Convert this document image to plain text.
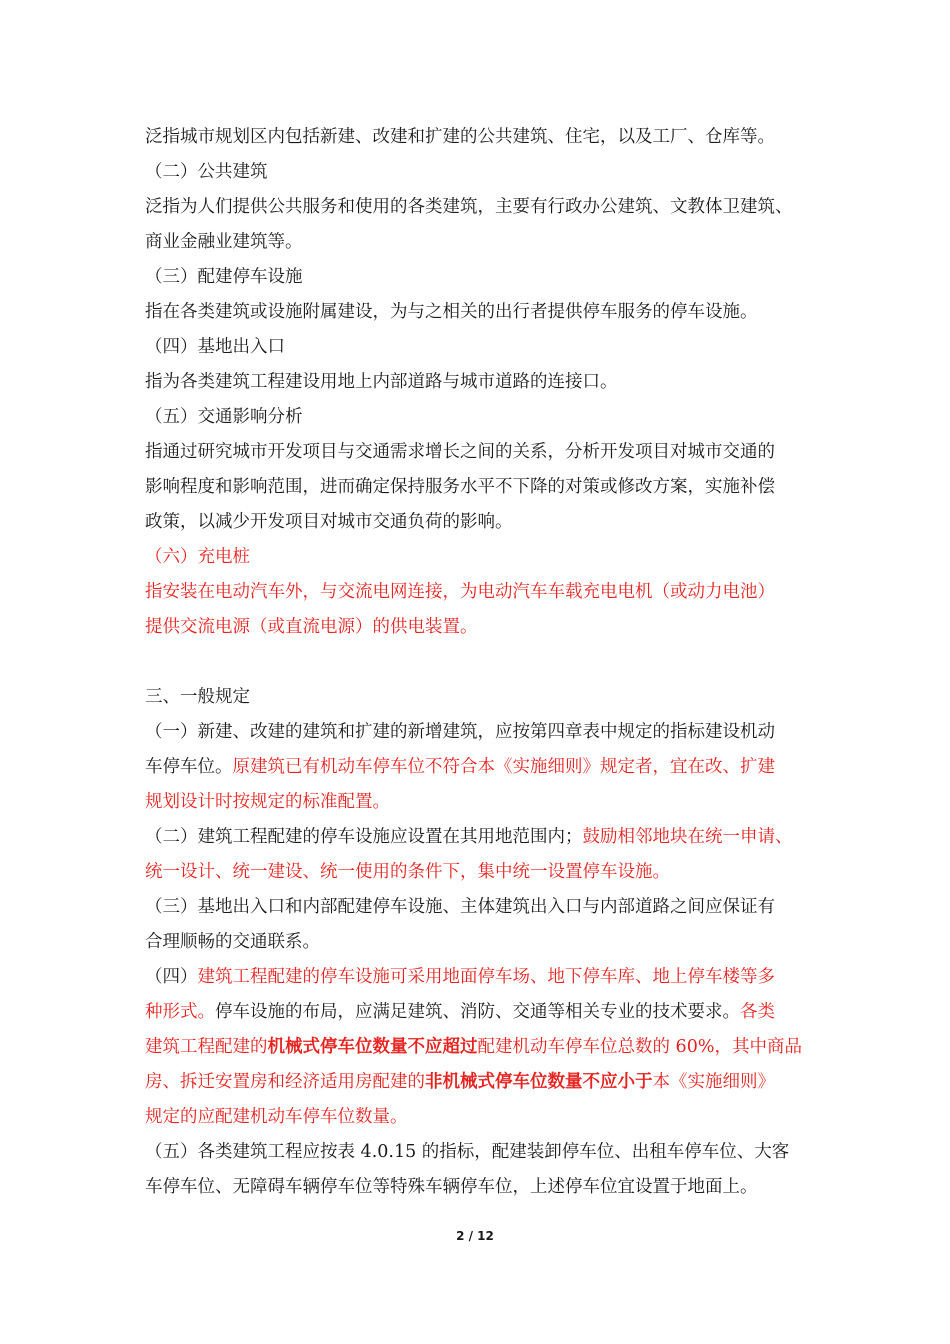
泛指城市规划区内包括新建、改建和扩建的公共建筑、住宅，以及工厂、仓库等。
（二）公共建筑
泛指为人们提供公共服务和使用的各类建筑，主要有行政办公建筑、文教体卫建筑、
商业金融业建筑等。
（三）配建停车设施
指在各类建筑或设施附属建设，为与之相关的出行者提供停车服务的停车设施。
（四）基地出入口
指为各类建筑工程建设用地上内部道路与城市道路的连接口。
（五）交通影响分析
指通过研究城市开发项目与交通需求增长之间的关系，分析开发项目对城市交通的
影响程度和影响范围，进而确定保持服务水平不下降的对策或修改方案，实施补偿
政策，以减少开发项目对城市交通负荷的影响。
（六）充电桩
指安装在电动汽车外，与交流电网连接，为电动汽车车载充电电机（或动力电池）
提供交流电源（或直流电源）的供电装置。
三、一般规定
（一）新建、改建的建筑和扩建的新增建筑，应按第四章表中规定的指标建设机动
车停车位。原建筑已有机动车停车位不符合本《实施细则》规定者，宜在改、扩建
规划设计时按规定的标准配置。
（二）建筑工程配建的停车设施应设置在其用地范围内；鼓励相邻地块在统一申请、
统一设计、统一建设、统一使用的条件下，集中统一设置停车设施。
（三）基地出入口和内部配建停车设施、主体建筑出入口与内部道路之间应保证有
合理顺畅的交通联系。
（四）建筑工程配建的停车设施可采用地面停车场、地下停车库、地上停车楼等多
种形式。停车设施的布局，应满足建筑、消防、交通等相关专业的技术要求。各类
建筑工程配建的机械式停车位数量不应超过配建机动车停车位总数的 60%，其中商品
房、拆迁安置房和经济适用房配建的非机械式停车位数量不应小于本《实施细则》
规定的应配建机动车停车位数量。
（五）各类建筑工程应按表 4.0.15 的指标，配建装卸停车位、出租车停车位、大客
车停车位、无障碍车辆停车位等特殊车辆停车位，上述停车位宜设置于地面上。
2 / 12
